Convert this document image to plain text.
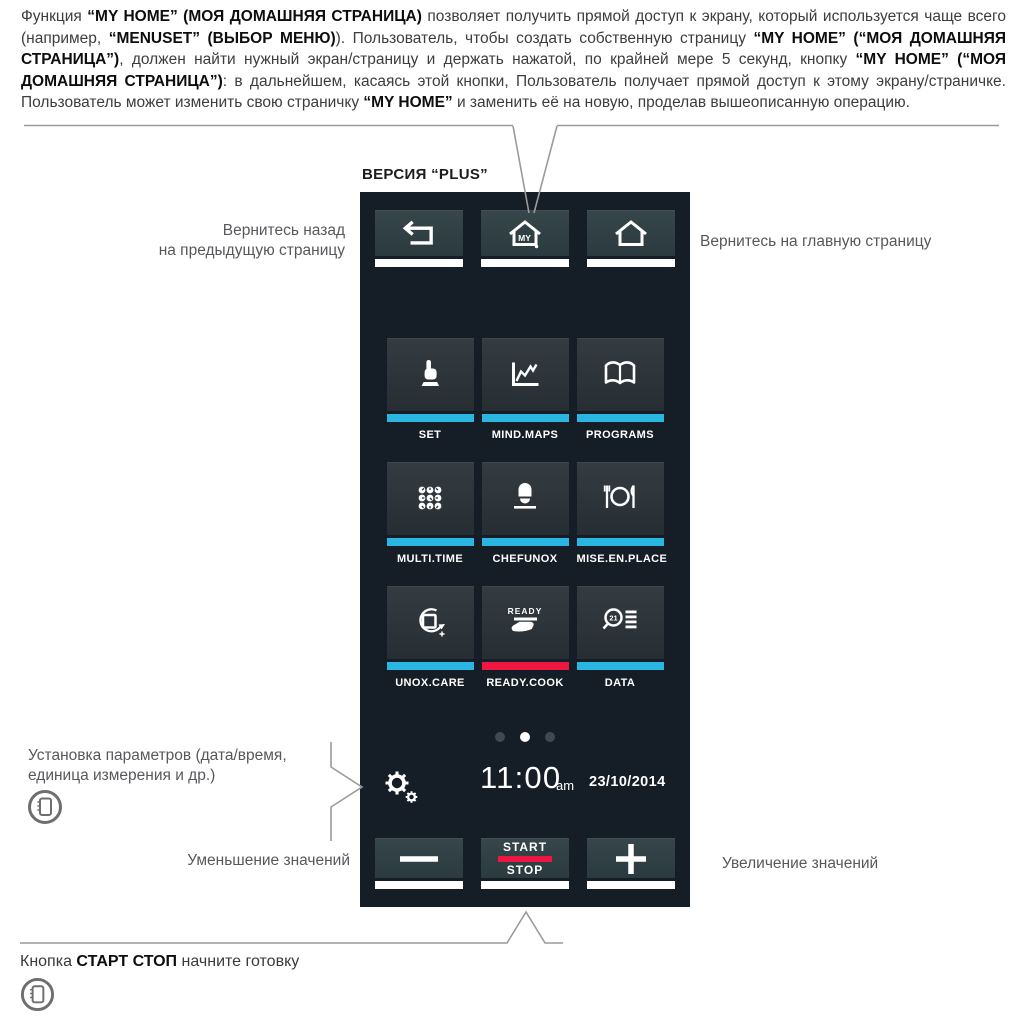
Функция “MY HOME” (МОЯ ДОМАШНЯЯ СТРАНИЦА) позволяет получить прямой доступ к экрану, который используется чаще всего (например, “MENUSET” (ВЫБОР МЕНЮ)). Пользователь, чтобы создать собственную страницу “MY HOME” (“МОЯ ДОМАШНЯЯ СТРАНИЦА”), должен найти нужный экран/страницу и держать нажатой, по крайней мере 5 секунд, кнопку “MY HOME” (“МОЯ ДОМАШНЯЯ СТРАНИЦА”): в дальнейшем, касаясь этой кнопки, Пользователь получает прямой доступ к этому экрану/страничке. Пользователь может изменить свою страничку “MY HOME” и заменить её на новую, проделав вышеописанную операцию.

ВЕРСИЯ “PLUS”
MY
SET	MIND.MAPS	PROGRAMS
MULTI.TIME	CHEFUNOX	MISE.EN.PLACE
UNOX.CARE
READY
READY.COOK
21
DATA
11:00
am 23/10/2014
START
STOP
Вернитесь назад
на предыдущую страницу	Вернитесь на главную страницу
Установка параметров (дата/время,
единица измерения и др.)
Уменьшение значений	Увеличение значений
Кнопка СТАРТ СТОП начните готовку
